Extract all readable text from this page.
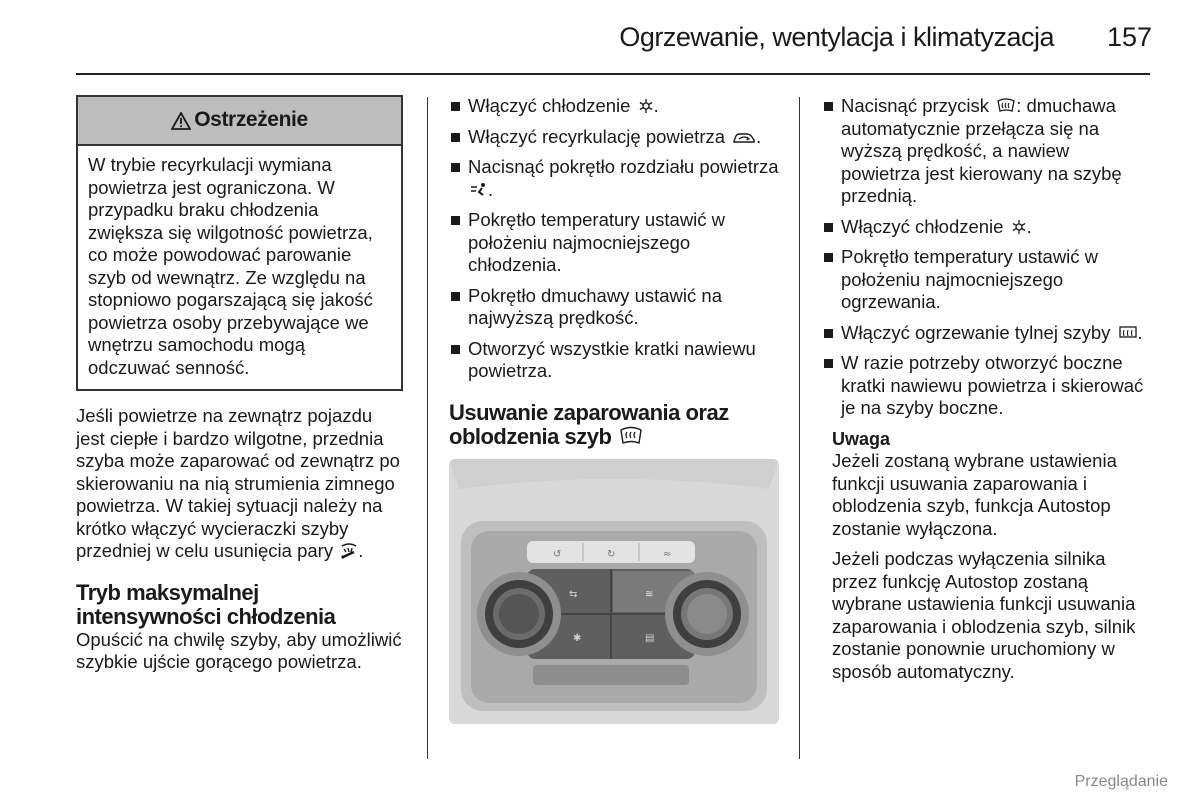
Ogrzewanie, wentylacja i klimatyzacja 157
Ostrzeżenie
W trybie recyrkulacji wymiana powietrza jest ograniczona. W przypadku braku chłodzenia zwiększa się wilgotność powietrza, co może powodować parowanie szyb od wewnątrz. Ze względu na stopniowo pogarszającą się jakość powietrza osoby przebywające we wnętrzu samochodu mogą odczuwać senność.

Jeśli powietrze na zewnątrz pojazdu jest ciepłe i bardzo wilgotne, przednia szyba może zaparować od zewnątrz po skierowaniu na nią strumienia zimnego powietrza. W takiej sytuacji należy na krótko włączyć wycieraczki szyby przedniej w celu usunięcia pary .

Tryb maksymalnej intensywności chłodzenia

Opuścić na chwilę szyby, aby umożliwić szybkie ujście gorącego powietrza.

Włączyć chłodzenie .
Włączyć recyrkulację powietrza .
Nacisnąć pokrętło rozdziału powietrza .
Pokrętło temperatury ustawić w położeniu najmocniejszego chłodzenia.
Pokrętło dmuchawy ustawić na najwyższą prędkość.
Otworzyć wszystkie kratki nawiewu powietrza.
Usuwanie zaparowania oraz oblodzenia szyb
↺	↻	≈
⇆	≋
✱	▤
Nacisnąć przycisk : dmuchawa automatycznie przełącza się na wyższą prędkość, a nawiew powietrza jest kierowany na szybę przednią.
Włączyć chłodzenie .
Pokrętło temperatury ustawić w położeniu najmocniejszego ogrzewania.
Włączyć ogrzewanie tylnej szyby .
W razie potrzeby otworzyć boczne kratki nawiewu powietrza i skierować je na szyby boczne.
Uwaga

Jeżeli zostaną wybrane ustawienia funkcji usuwania zaparowania i oblodzenia szyb, funkcja Autostop zostanie wyłączona.

Jeżeli podczas wyłączenia silnika przez funkcję Autostop zostaną wybrane ustawienia funkcji usuwania zaparowania i oblodzenia szyb, silnik zostanie ponownie uruchomiony w sposób automatyczny.

Przeglądanie
